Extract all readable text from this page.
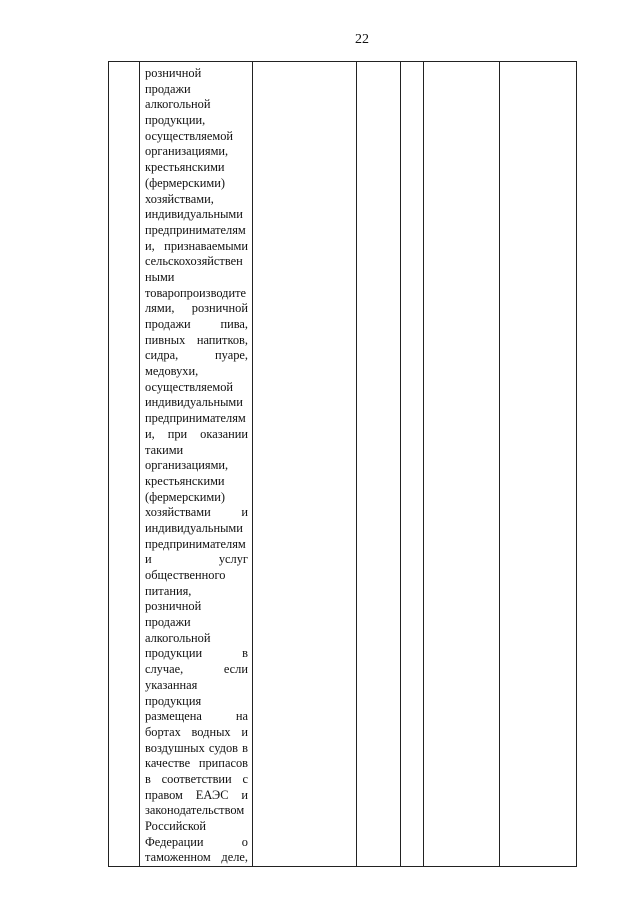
22

розничной
продажи
алкогольной
продукции,
осуществляемой
организациями,
крестьянскими
(фермерскими)
хозяйствами,
индивидуальными
предпринимателям
и, признаваемыми
сельскохозяйствен
ными
товаропроизводите
лями, розничной
продажи пива,
пивных напитков,
сидра, пуаре,
медовухи,
осуществляемой
индивидуальными
предпринимателям
и, при оказании
такими
организациями,
крестьянскими
(фермерскими)
хозяйствами и
индивидуальными
предпринимателям
и услуг
общественного
питания,
розничной
продажи
алкогольной
продукции в
случае, если
указанная
продукция
размещена на
бортах водных и
воздушных судов в
качестве припасов
в соответствии с
правом ЕАЭС и
законодательством
Российской
Федерации о
таможенном деле,
